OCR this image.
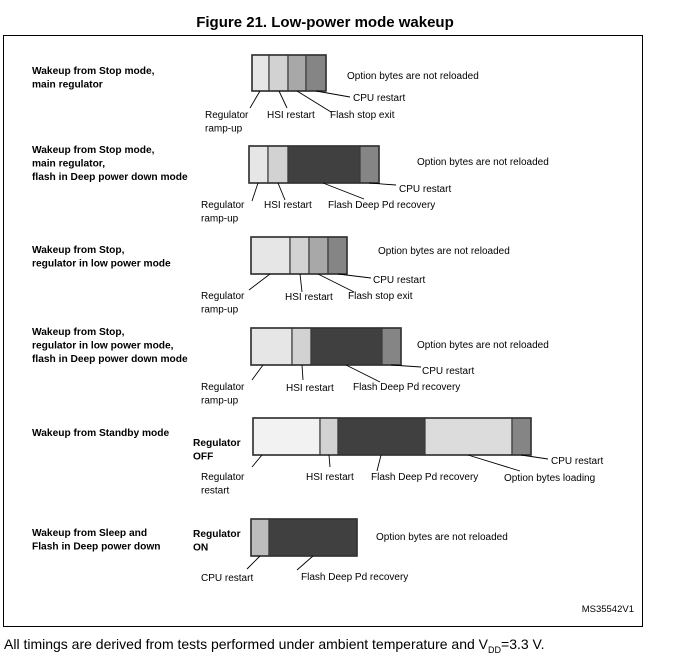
Figure 21. Low-power mode wakeup
Wakeup from Stop mode, main regulator
Regulator ramp-up
HSI restart Flash stop exit
CPU restart
Option bytes are not reloaded
Wakeup from Stop mode, main regulator, flash in Deep power down mode
Regulator ramp-up
HSI restart Flash Deep Pd recovery
CPU restart
Option bytes are not reloaded
Wakeup from Stop, regulator in low power mode
Regulator ramp-up
HSI restart Flash stop exit
CPU restart
Option bytes are not reloaded
Wakeup from Stop, regulator in low power mode, flash in Deep power down mode
Regulator ramp-up
HSI restart Flash Deep Pd recovery
CPU restart
Option bytes are not reloaded
Wakeup from Standby mode
Regulator OFF
Regulator restart
HSI restart Flash Deep Pd recovery	Option bytes loading
CPU restart
Wakeup from Sleep and Flash in Deep power down
Regulator ON
CPU restart	Flash Deep Pd recovery
Option bytes are not reloaded
MS35542V1
All timings are derived from tests performed under ambient temperature and $V_{DD}=3.3$ V.
